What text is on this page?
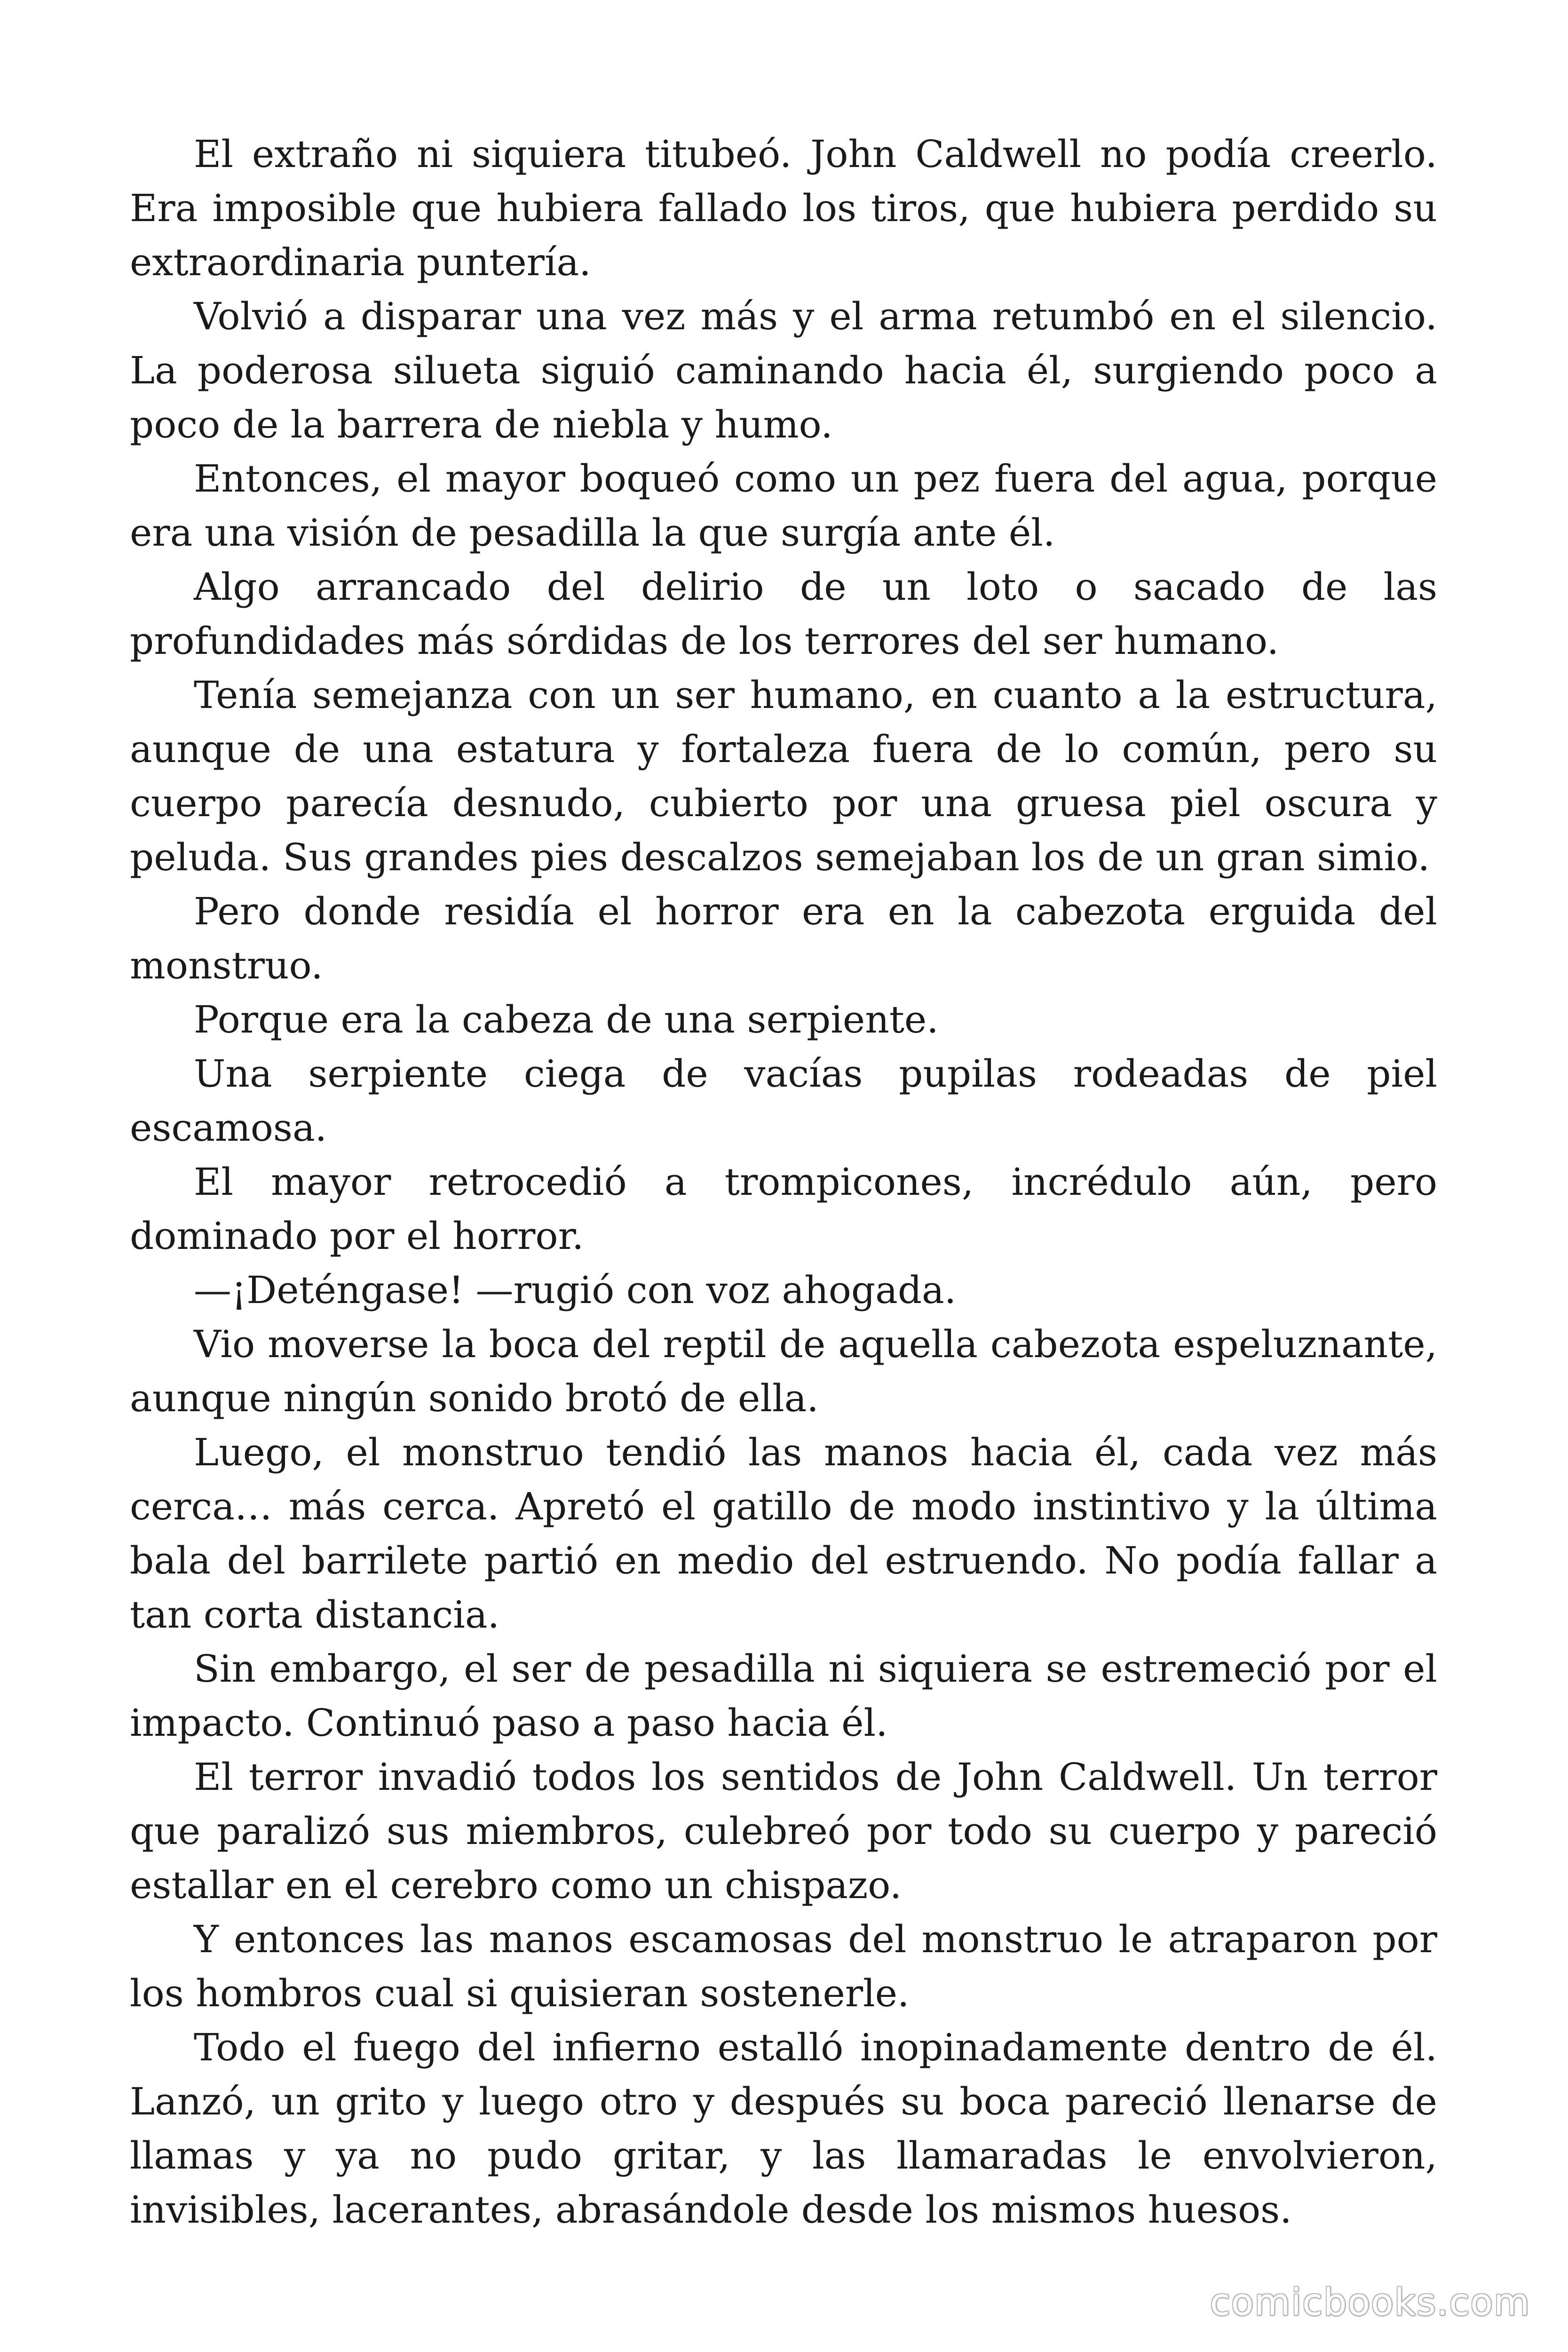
El extraño ni siquiera titubeó. John Caldwell no podía creerlo. Era imposible que hubiera fallado los tiros, que hubiera perdido su extraordinaria puntería.

Volvió a disparar una vez más y el arma retumbó en el silencio. La poderosa silueta siguió caminando hacia él, surgiendo poco a poco de la barrera de niebla y humo.

Entonces, el mayor boqueó como un pez fuera del agua, porque era una visión de pesadilla la que surgía ante él.

Algo arrancado del delirio de un loto o sacado de las profundidades más sórdidas de los terrores del ser humano.

Tenía semejanza con un ser humano, en cuanto a la estructura, aunque de una estatura y fortaleza fuera de lo común, pero su cuerpo parecía desnudo, cubierto por una gruesa piel oscura y peluda. Sus grandes pies descalzos semejaban los de un gran simio.

Pero donde residía el horror era en la cabezota erguida del monstruo.

Porque era la cabeza de una serpiente.

Una serpiente ciega de vacías pupilas rodeadas de piel escamosa.

El mayor retrocedió a trompicones, incrédulo aún, pero dominado por el horror.

—¡Deténgase! —rugió con voz ahogada.

Vio moverse la boca del reptil de aquella cabezota espeluznante, aunque ningún sonido brotó de ella.

Luego, el monstruo tendió las manos hacia él, cada vez más cerca… más cerca. Apretó el gatillo de modo instintivo y la última bala del barrilete partió en medio del estruendo. No podía fallar a tan corta distancia.

Sin embargo, el ser de pesadilla ni siquiera se estremeció por el impacto. Continuó paso a paso hacia él.

El terror invadió todos los sentidos de John Caldwell. Un terror que paralizó sus miembros, culebreó por todo su cuerpo y pareció estallar en el cerebro como un chispazo.

Y entonces las manos escamosas del monstruo le atraparon por los hombros cual si quisieran sostenerle.

Todo el fuego del infierno estalló inopinadamente dentro de él. Lanzó, un grito y luego otro y después su boca pareció llenarse de llamas y ya no pudo gritar, y las llamaradas le envolvieron, invisibles, lacerantes, abrasándole desde los mismos huesos.

comicbooks.com
